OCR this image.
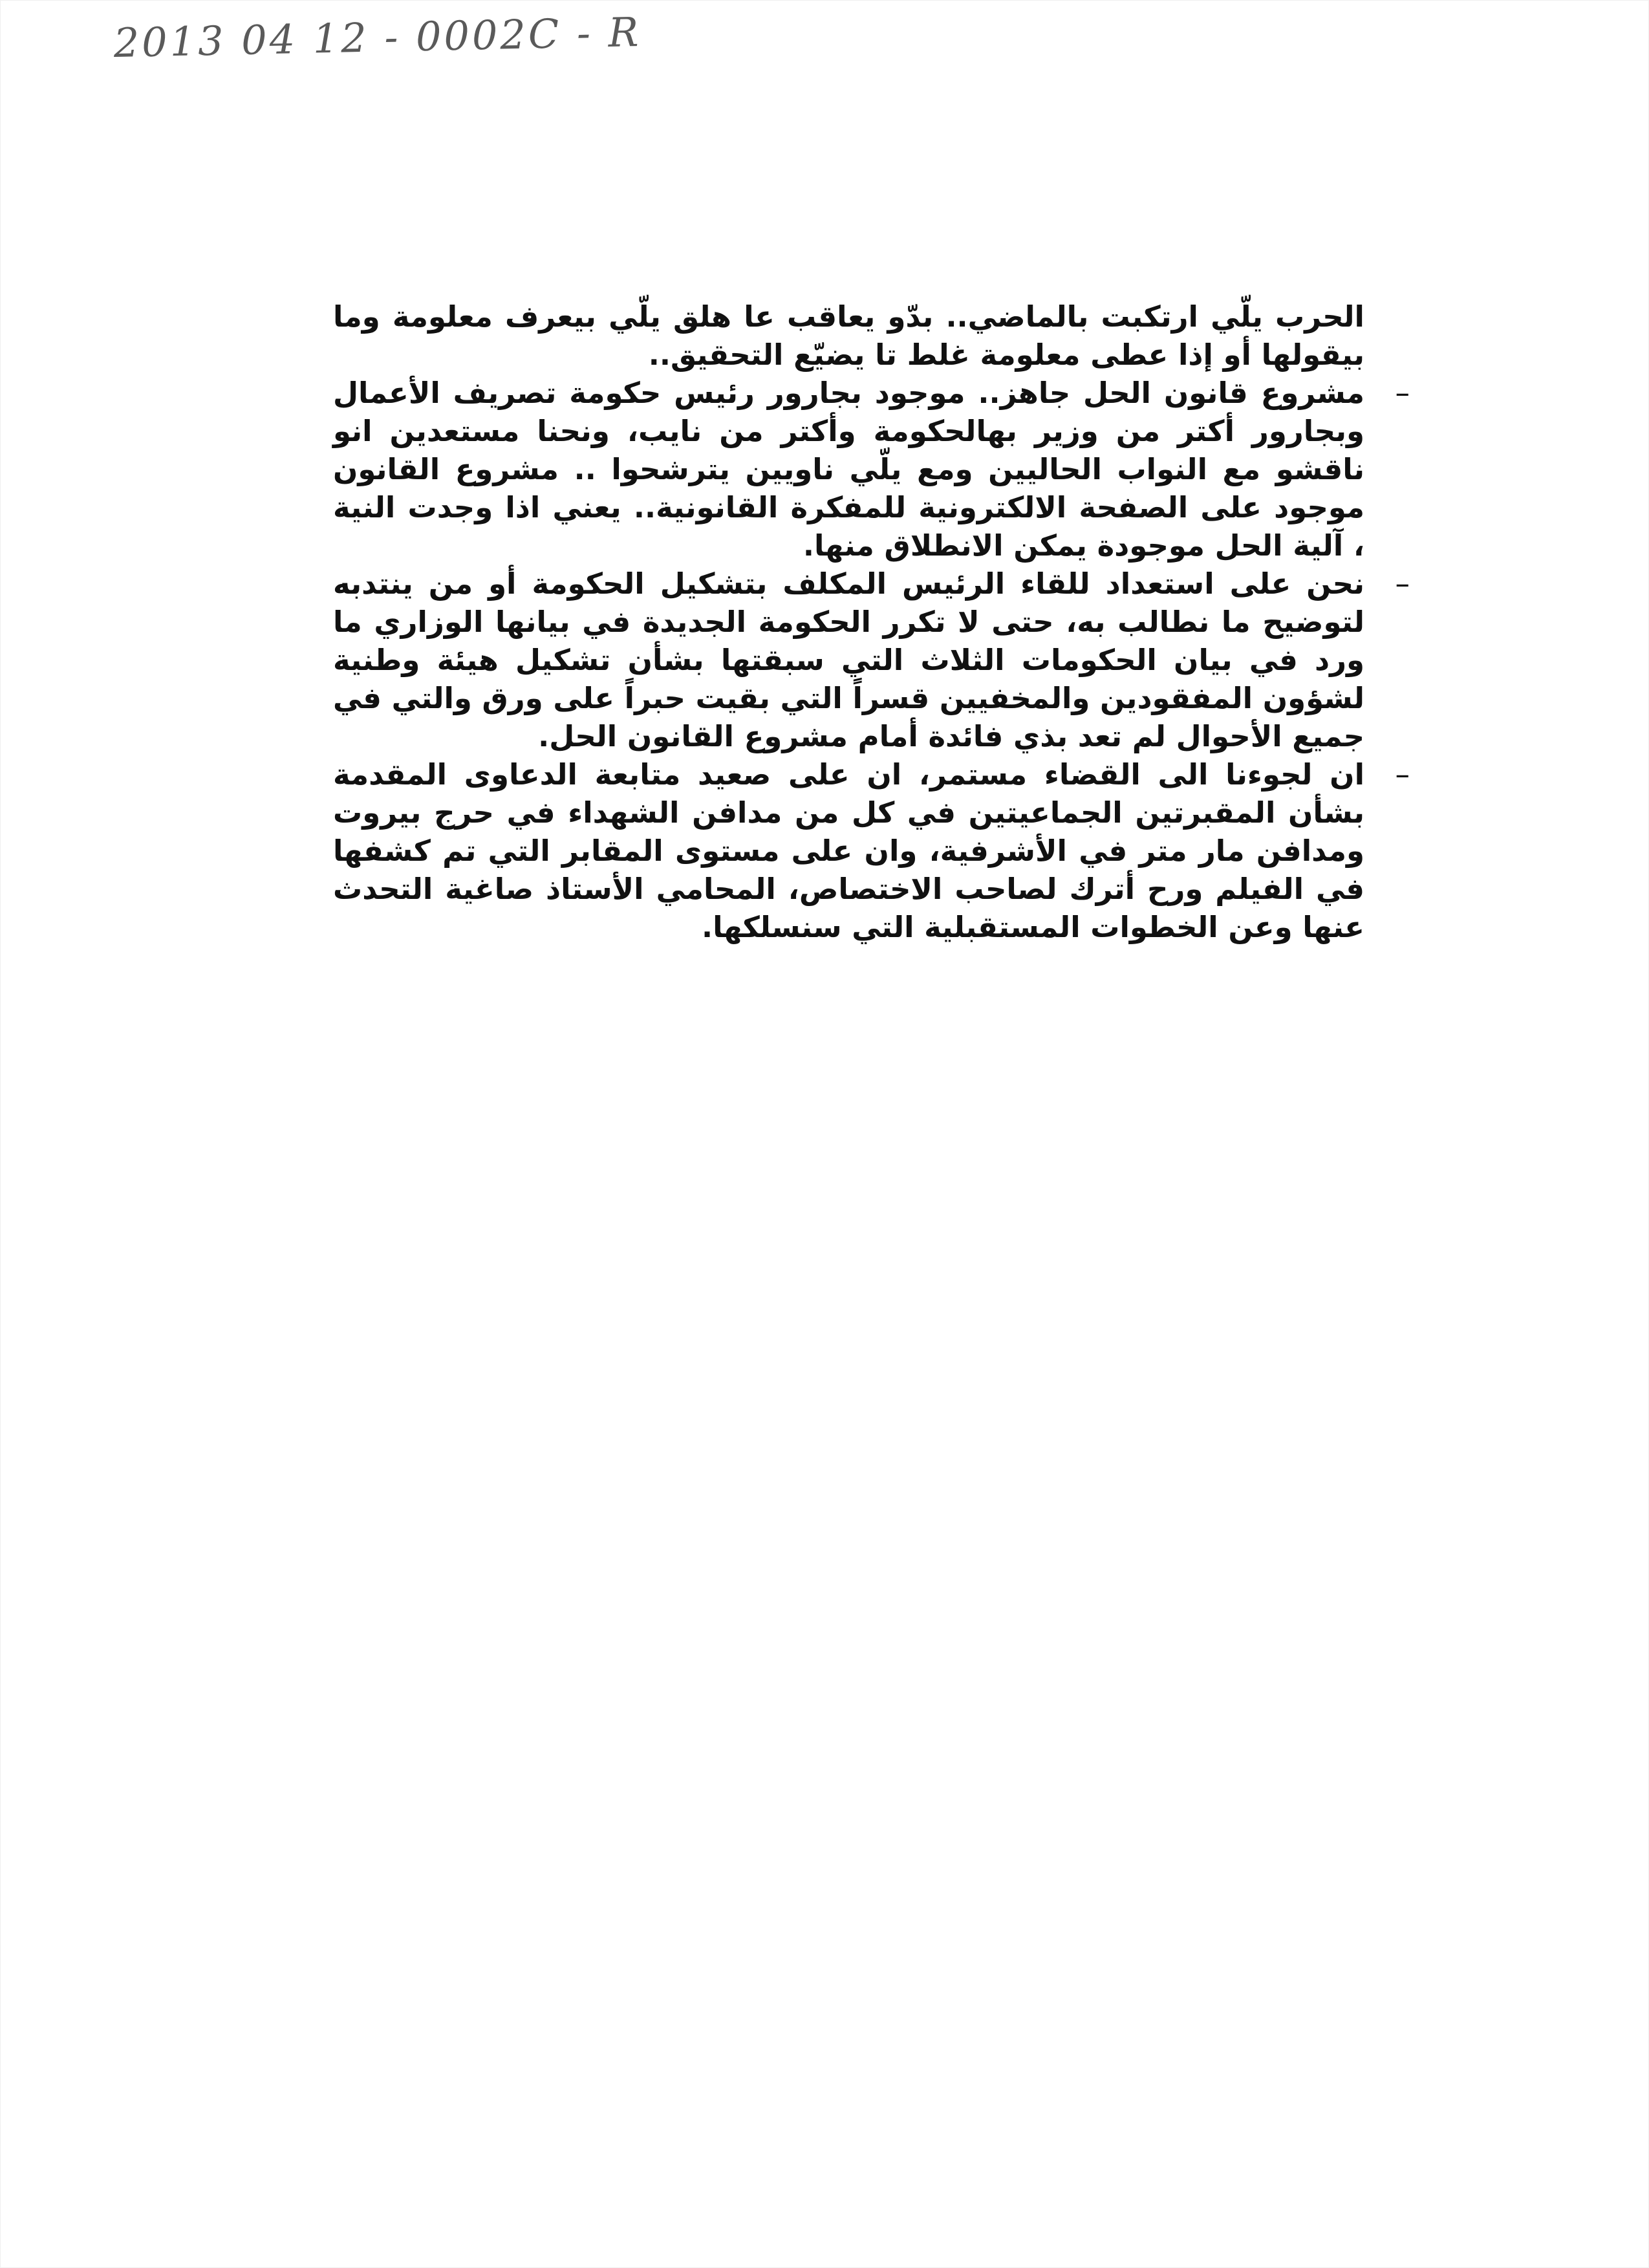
2013 04 12 - 0002C - R

الحرب يلّي ارتكبت بالماضي.. بدّو يعاقب عا هلق يلّي بيعرف معلومة وما بيقولها أو إذا عطى معلومة غلط تا يضيّع التحقيق..

–
مشروع قانون الحل جاهز.. موجود بجارور رئيس حكومة تصريف الأعمال وبجارور أكتر من وزير بهالحكومة وأكتر من نايب، ونحنا مستعدين انو ناقشو مع النواب الحاليين ومع يلّي ناويين يترشحوا .. مشروع القانون موجود على الصفحة الالكترونية للمفكرة القانونية.. يعني اذا وجدت النية ، آلية الحل موجودة يمكن الانطلاق منها.
–
نحن على استعداد للقاء الرئيس المكلف بتشكيل الحكومة أو من ينتدبه لتوضيح ما نطالب به، حتى لا تكرر الحكومة الجديدة في بيانها الوزاري ما ورد في بيان الحكومات الثلاث التي سبقتها بشأن تشكيل هيئة وطنية لشؤون المفقودين والمخفيين قسراً التي بقيت حبراً على ورق والتي في جميع الأحوال لم تعد بذي فائدة أمام مشروع القانون الحل.
–
ان لجوءنا الى القضاء مستمر، ان على صعيد متابعة الدعاوى المقدمة بشأن المقبرتين الجماعيتين في كل من مدافن الشهداء في حرج بيروت ومدافن مار متر في الأشرفية، وان على مستوى المقابر التي تم كشفها في الفيلم ورح أترك لصاحب الاختصاص، المحامي الأستاذ صاغية التحدث عنها وعن الخطوات المستقبلية التي سنسلكها.
